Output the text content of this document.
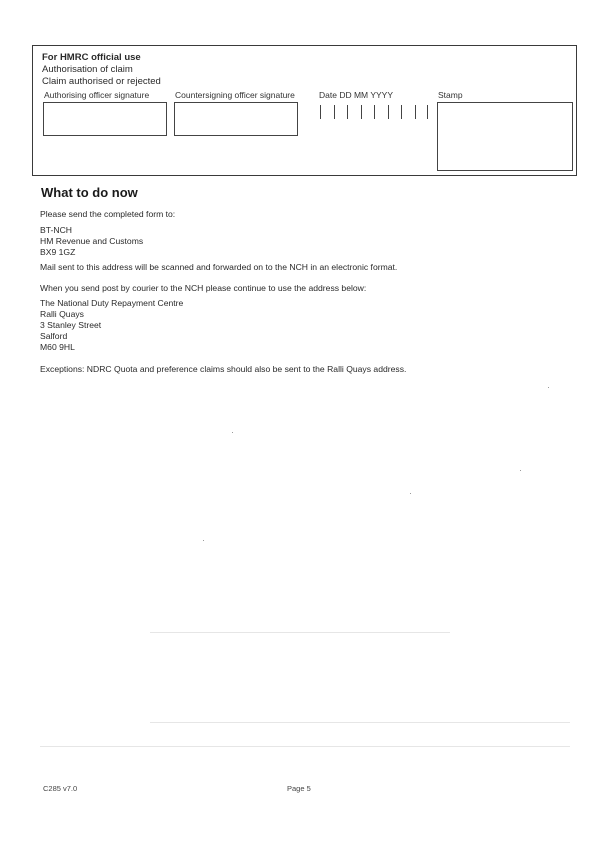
For HMRC official use
Authorisation of claim
Claim authorised or rejected
Authorising officer signature	Countersigning officer signature	Date DD MM YYYY	Stamp
What to do now
Please send the completed form to:
BT-NCH
HM Revenue and Customs
BX9 1GZ
Mail sent to this address will be scanned and forwarded on to the NCH in an electronic format.
When you send post by courier to the NCH please continue to use the address below:
The National Duty Repayment Centre
Ralli Quays
3 Stanley Street
Salford
M60 9HL
Exceptions: NDRC Quota and preference claims should also be sent to the Ralli Quays address.
C285 v7.0	Page 5
